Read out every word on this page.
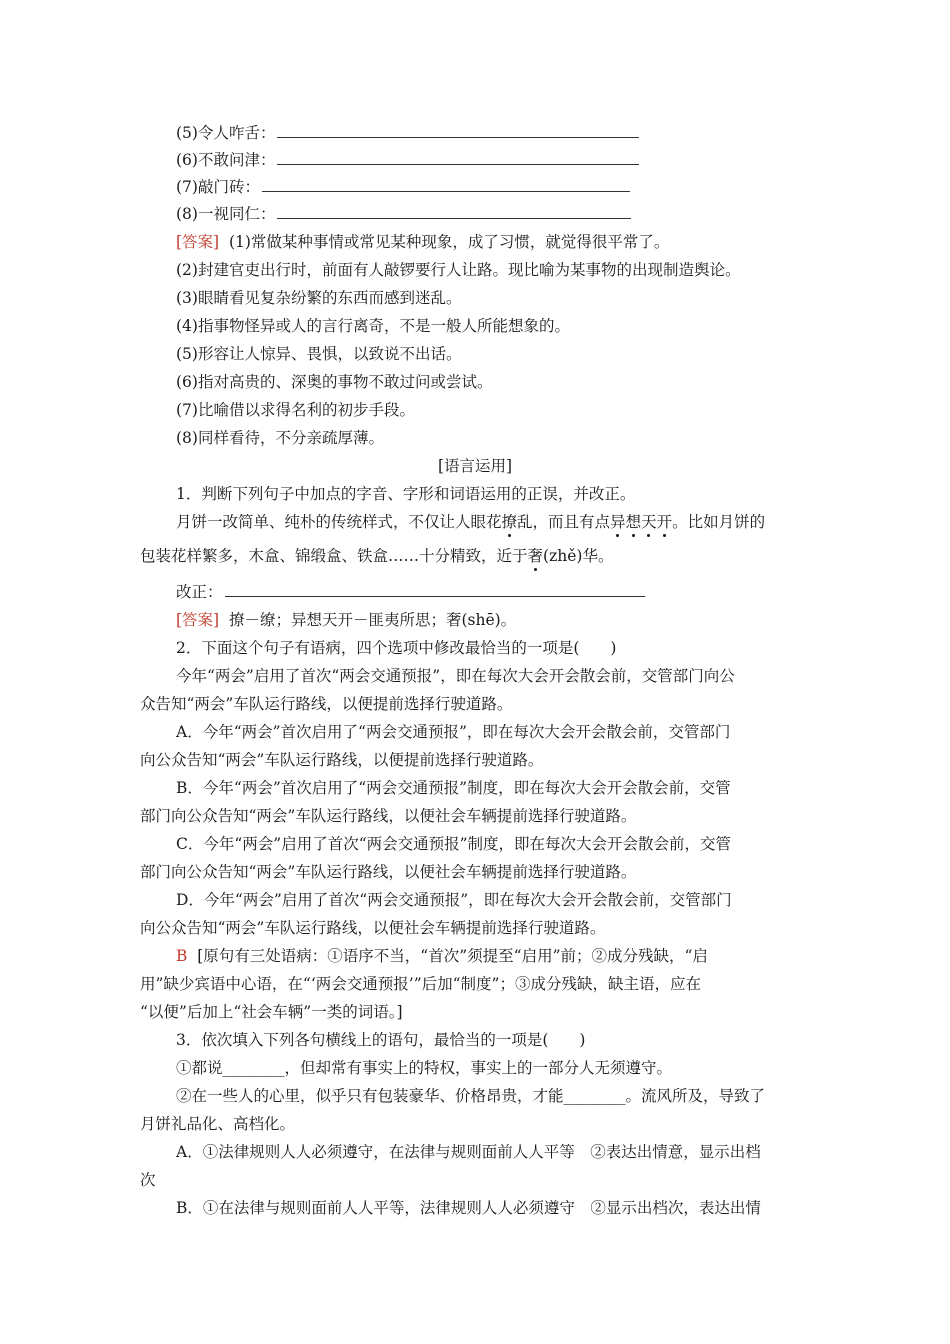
(5)令人咋舌：
(6)不敢问津：
(7)敲门砖：
(8)一视同仁：
[答案] (1)常做某种事情或常见某种现象，成了习惯，就觉得很平常了。
(2)封建官吏出行时，前面有人敲锣要行人让路。现比喻为某事物的出现制造舆论。
(3)眼睛看见复杂纷繁的东西而感到迷乱。
(4)指事物怪异或人的言行离奇，不是一般人所能想象的。
(5)形容让人惊异、畏惧，以致说不出话。
(6)指对高贵的、深奥的事物不敢过问或尝试。
(7)比喻借以求得名利的初步手段。
(8)同样看待，不分亲疏厚薄。
[语言运用]
1．判断下列句子中加点的字音、字形和词语运用的正误，并改正。
月饼一改简单、纯朴的传统样式，不仅让人眼花撩乱，而且有点异想天开。比如月饼的
包装花样繁多，木盒、锦缎盒、铁盒……十分精致，近于奢(zhě)华。
改正：
[答案] 撩－缭；异想天开－匪夷所思；奢(shē)。
2．下面这个句子有语病，四个选项中修改最恰当的一项是(　　)
今年“两会”启用了首次“两会交通预报”，即在每次大会开会散会前，交管部门向公
众告知“两会”车队运行路线，以便提前选择行驶道路。
A．今年“两会”首次启用了“两会交通预报”，即在每次大会开会散会前，交管部门
向公众告知“两会”车队运行路线，以便提前选择行驶道路。
B．今年“两会”首次启用了“两会交通预报”制度，即在每次大会开会散会前，交管
部门向公众告知“两会”车队运行路线，以便社会车辆提前选择行驶道路。
C．今年“两会”启用了首次“两会交通预报”制度，即在每次大会开会散会前，交管
部门向公众告知“两会”车队运行路线，以便社会车辆提前选择行驶道路。
D．今年“两会”启用了首次“两会交通预报”，即在每次大会开会散会前，交管部门
向公众告知“两会”车队运行路线，以便社会车辆提前选择行驶道路。
B [原句有三处语病：①语序不当，“首次”须提至“启用”前；②成分残缺，“启
用”缺少宾语中心语，在“‘两会交通预报’”后加“制度”；③成分残缺，缺主语，应在
“以便”后加上“社会车辆”一类的词语。]
3．依次填入下列各句横线上的语句，最恰当的一项是(　　)
①都说________，但却常有事实上的特权，事实上的一部分人无须遵守。
②在一些人的心里，似乎只有包装豪华、价格昂贵，才能________。流风所及，导致了
月饼礼品化、高档化。
A．①法律规则人人必须遵守，在法律与规则面前人人平等　②表达出情意，显示出档
次
B．①在法律与规则面前人人平等，法律规则人人必须遵守　②显示出档次，表达出情
